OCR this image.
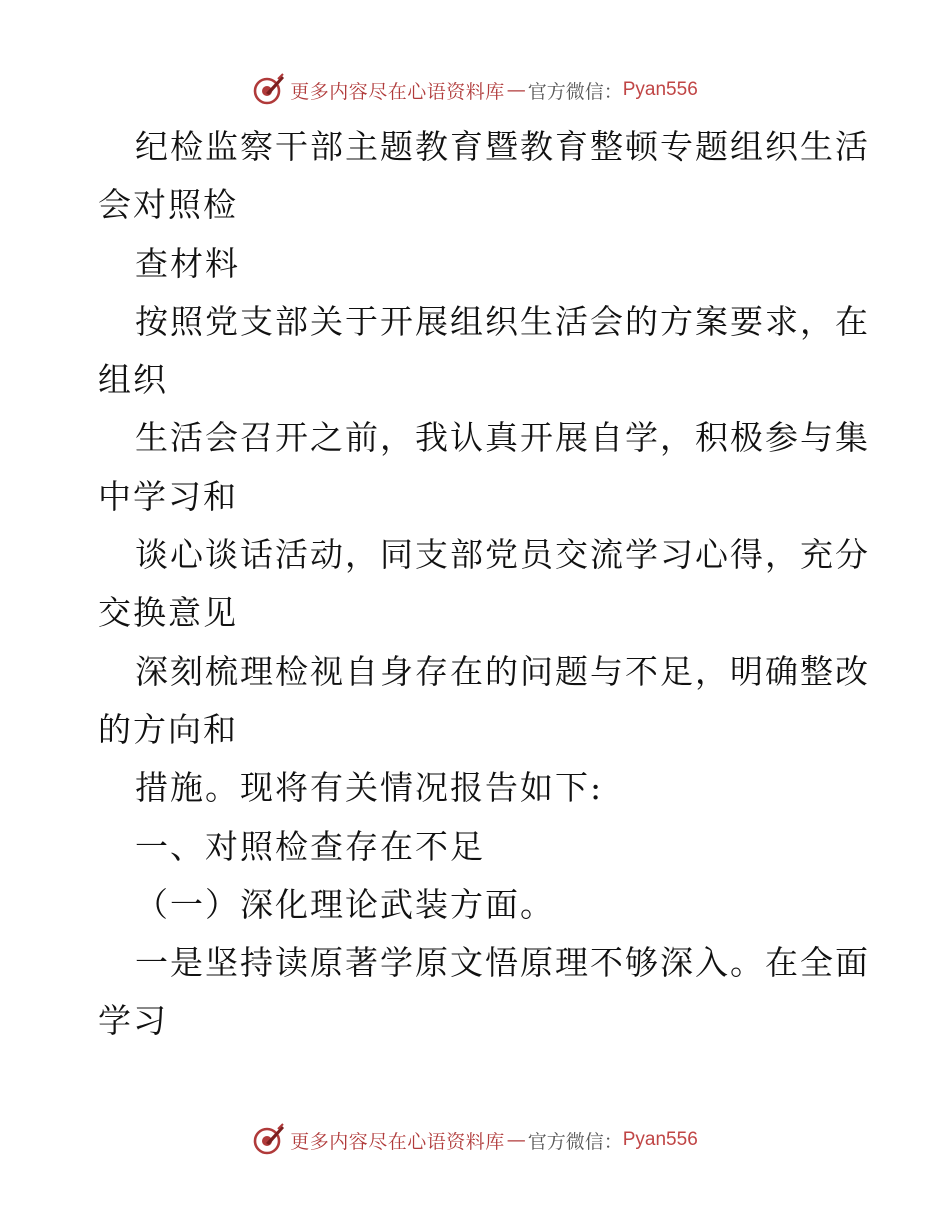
更多内容尽在心语资料库 — 官方微信： Pyan556
纪检监察干部主题教育暨教育整顿专题组织生活
会对照检
查材料
按照党支部关于开展组织生活会的方案要求，在
组织
生活会召开之前，我认真开展自学，积极参与集
中学习和
谈心谈话活动，同支部党员交流学习心得，充分
交换意见
深刻梳理检视自身存在的问题与不足，明确整改
的方向和
措施。现将有关情况报告如下:
一、对照检查存在不足
（一）深化理论武装方面。
一是坚持读原著学原文悟原理不够深入。在全面
学习
更多内容尽在心语资料库 — 官方微信： Pyan556
